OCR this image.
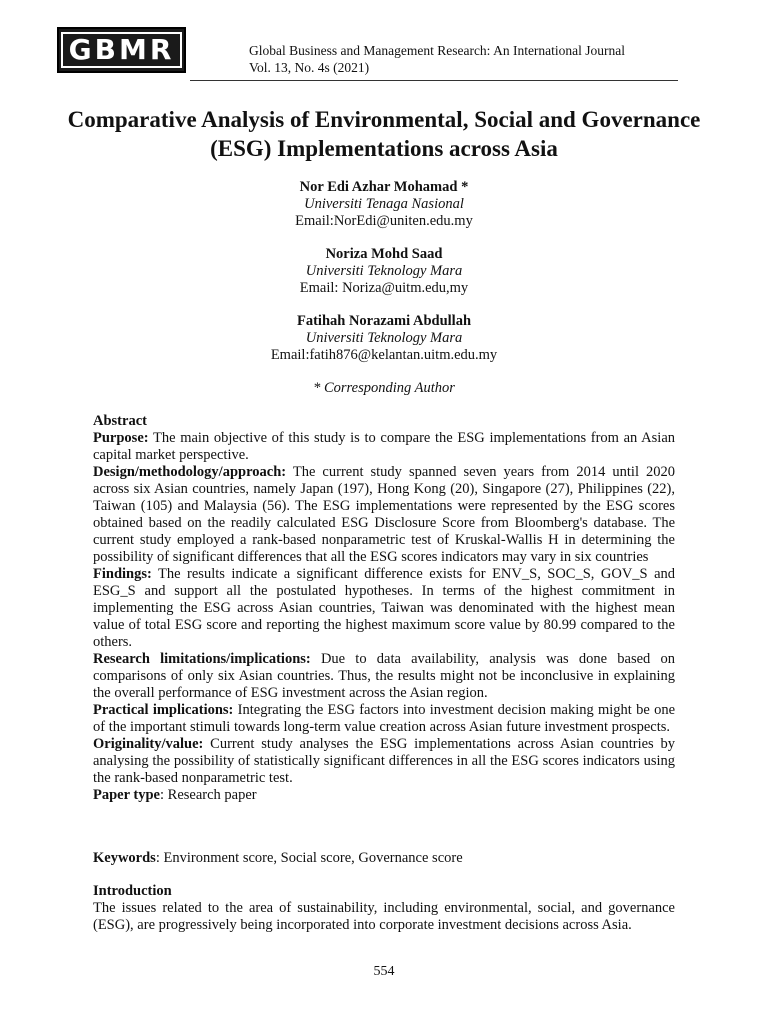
GBMR	Global Business and Management Research: An International Journal
Vol. 13, No. 4s (2021)
Comparative Analysis of Environmental, Social and Governance (ESG) Implementations across Asia
Nor Edi Azhar Mohamad *
Universiti Tenaga Nasional
Email:NorEdi@uniten.edu.my
Noriza Mohd Saad
Universiti Teknology Mara
Email: Noriza@uitm.edu,my
Fatihah Norazami Abdullah
Universiti Teknology Mara
Email:fatih876@kelantan.uitm.edu.my
* Corresponding Author

Abstract

Purpose: The main objective of this study is to compare the ESG implementations from an Asian capital market perspective.

Design/methodology/approach: The current study spanned seven years from 2014 until 2020 across six Asian countries, namely Japan (197), Hong Kong (20), Singapore (27), Philippines (22), Taiwan (105) and Malaysia (56). The ESG implementations were represented by the ESG scores obtained based on the readily calculated ESG Disclosure Score from Bloomberg's database. The current study employed a rank-based nonparametric test of Kruskal-Wallis H in determining the possibility of significant differences that all the ESG scores indicators may vary in six countries

Findings: The results indicate a significant difference exists for ENV_S, SOC_S, GOV_S and ESG_S and support all the postulated hypotheses. In terms of the highest commitment in implementing the ESG across Asian countries, Taiwan was denominated with the highest mean value of total ESG score and reporting the highest maximum score value by 80.99 compared to the others.

Research limitations/implications: Due to data availability, analysis was done based on comparisons of only six Asian countries. Thus, the results might not be inconclusive in explaining the overall performance of ESG investment across the Asian region.

Practical implications: Integrating the ESG factors into investment decision making might be one of the important stimuli towards long-term value creation across Asian future investment prospects.

Originality/value: Current study analyses the ESG implementations across Asian countries by analysing the possibility of statistically significant differences in all the ESG scores indicators using the rank-based nonparametric test.

Paper type: Research paper

Keywords: Environment score, Social score, Governance score
Introduction

The issues related to the area of sustainability, including environmental, social, and governance (ESG), are progressively being incorporated into corporate investment decisions across Asia.

554
